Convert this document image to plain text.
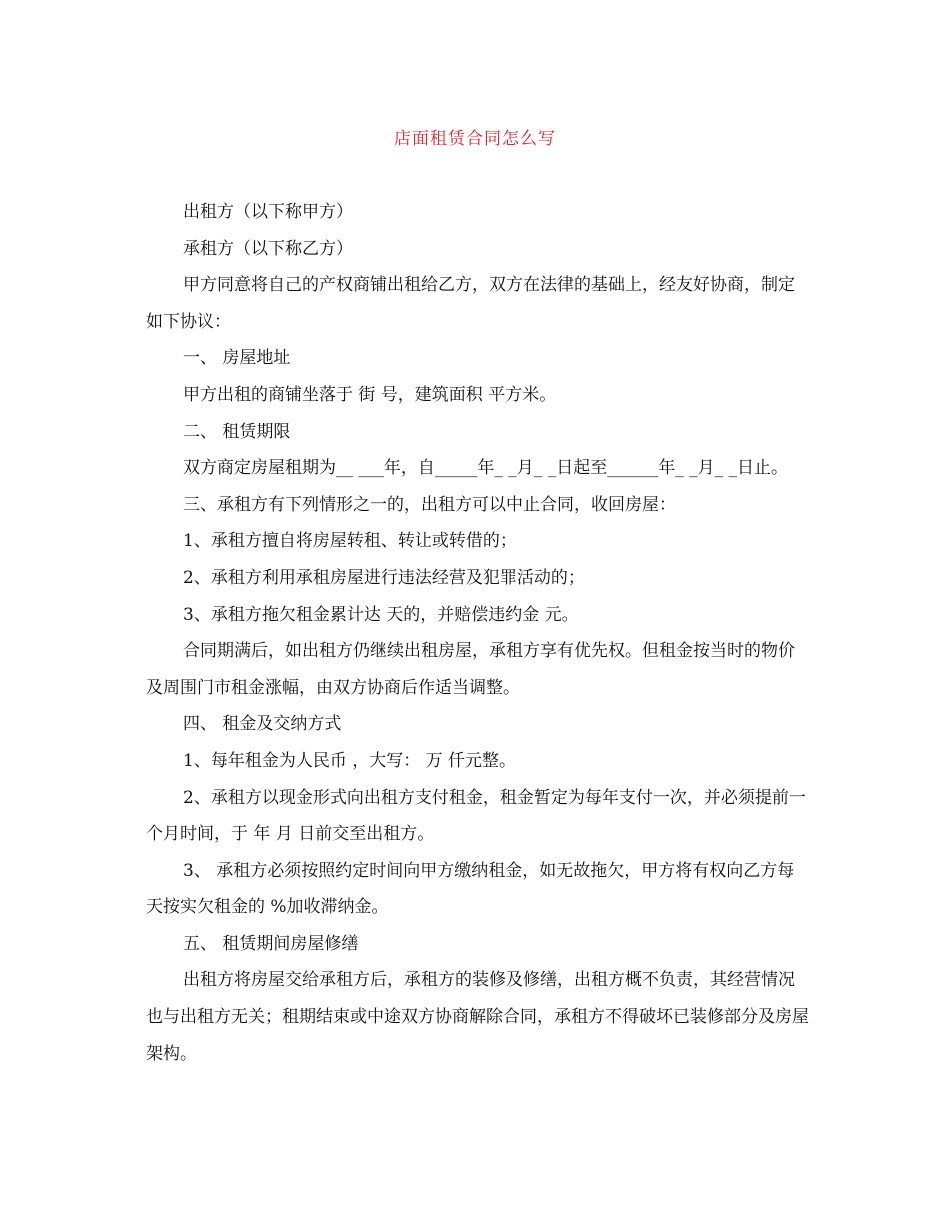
店面租赁合同怎么写

出租方（以下称甲方）

承租方（以下称乙方）

甲方同意将自己的产权商铺出租给乙方，双方在法律的基础上，经友好协商，制定如下协议：

一、 房屋地址

甲方出租的商铺坐落于 街 号，建筑面积 平方米。

二、 租赁期限

双方商定房屋租期为__ ___年，自_____年_ _月_ _日起至______年_ _月_ _日止。

三、承租方有下列情形之一的，出租方可以中止合同，收回房屋：

1、承租方擅自将房屋转租、转让或转借的；

2、承租方利用承租房屋进行违法经营及犯罪活动的；

3、承租方拖欠租金累计达 天的，并赔偿违约金 元。

合同期满后，如出租方仍继续出租房屋，承租方享有优先权。但租金按当时的物价及周围门市租金涨幅，由双方协商后作适当调整。

四、 租金及交纳方式

1、每年租金为人民币 ，大写： 万 仟元整。

2、承租方以现金形式向出租方支付租金，租金暂定为每年支付一次，并必须提前一个月时间，于 年 月 日前交至出租方。

3、 承租方必须按照约定时间向甲方缴纳租金，如无故拖欠，甲方将有权向乙方每天按实欠租金的 %加收滞纳金。

五、 租赁期间房屋修缮

出租方将房屋交给承租方后，承租方的装修及修缮，出租方概不负责，其经营情况也与出租方无关；租期结束或中途双方协商解除合同，承租方不得破坏已装修部分及房屋架构。
